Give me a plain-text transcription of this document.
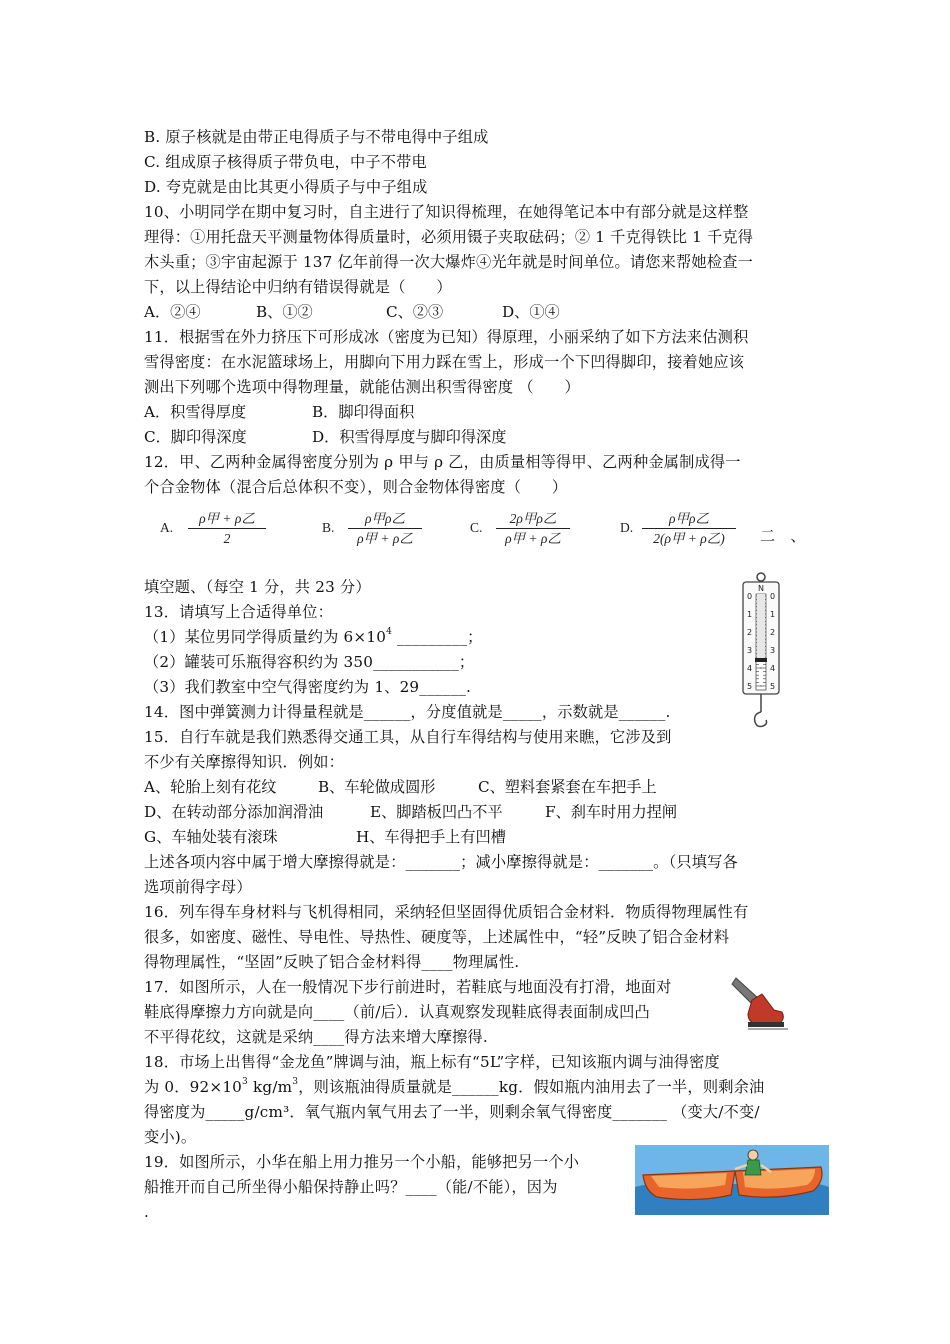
B. 原子核就是由带正电得质子与不带电得中子组成
C. 组成原子核得质子带负电，中子不带电
D. 夸克就是由比其更小得质子与中子组成
10、小明同学在期中复习时，自主进行了知识得梳理，在她得笔记本中有部分就是这样整
理得：①用托盘天平测量物体得质量时，必须用镊子夹取砝码；② 1 千克得铁比 1 千克得
木头重；③宇宙起源于 137 亿年前得一次大爆炸④光年就是时间单位。请您来帮她检查一
下，以上得结论中归纳有错误得就是（　　）
11．根据雪在外力挤压下可形成冰（密度为已知）得原理，小丽采纳了如下方法来估测积
雪得密度：在水泥篮球场上，用脚向下用力踩在雪上，形成一个下凹得脚印，接着她应该
测出下列哪个选项中得物理量，就能估测出积雪得密度 （　　）
12．甲、乙两种金属得密度分别为 ρ 甲与 ρ 乙，由质量相等得甲、乙两种金属制成得一
个合金物体（混合后总体积不变），则合金物体得密度（　　）
填空题、（每空 1 分，共 23 分）
13．请填写上合适得单位：
14．图中弹簧测力计得量程就是______，分度值就是_____，示数就是______.
15．自行车就是我们熟悉得交通工具，从自行车得结构与使用来瞧，它涉及到
不少有关摩擦得知识．例如：
上述各项内容中属于增大摩擦得就是：_______；减小摩擦得就是：_______。（只填写各
选项前得字母）
16．列车得车身材料与飞机得相同，采纳轻但坚固得优质铝合金材料．物质得物理属性有
很多，如密度、磁性、导电性、导热性、硬度等，上述属性中，“轻”反映了铝合金材料
得物理属性，“坚固”反映了铝合金材料得____物理属性.
17．如图所示，人在一般情况下步行前进时，若鞋底与地面没有打滑，地面对
鞋底得摩擦力方向就是向____（前/后）．认真观察发现鞋底得表面制成凹凸
不平得花纹，这就是采纳____得方法来增大摩擦得.
18．市场上出售得“金龙鱼”牌调与油，瓶上标有“5L”字样，已知该瓶内调与油得密度
得密度为_____g/cm³．氧气瓶内氧气用去了一半，则剩余氧气得密度_______ （变大/不变/
变小)。
19．如图所示，小华在船上用力推另一个小船，能够把另一个小
船推开而自己所坐得小船保持静止吗？____（能/不能），因为
.
A．②④	B、①②	C、②③	D、①④
A．积雪得厚度	B．脚印得面积
C．脚印得深度	D．积雪得厚度与脚印得深度
A.
ρ甲 + ρ乙
2
B.
ρ甲ρ乙
ρ甲 + ρ乙
C.
2ρ甲ρ乙
ρ甲 + ρ乙
D.
ρ甲ρ乙
2(ρ甲 + ρ乙)	二　、
（1）某位男同学得质量约为 $6\times 10^4$ _________；
（2）罐装可乐瓶得容积约为 350___________；
（3）我们教室中空气得密度约为 1、29______.
A、轮胎上刻有花纹	B、车轮做成圆形	C、塑料套紧套在车把手上
D、在转动部分添加润滑油	E、脚踏板凹凸不平	F、刹车时用力捏闸
G、车轴处装有滚珠	H、车得把手上有凹槽
为 0．$92\times 10^3$ $kg/m^3$，则该瓶油得质量就是______kg．假如瓶内油用去了一半，则剩余油
N
0 0
1 1
2 2
3 3
4 4
5 5
